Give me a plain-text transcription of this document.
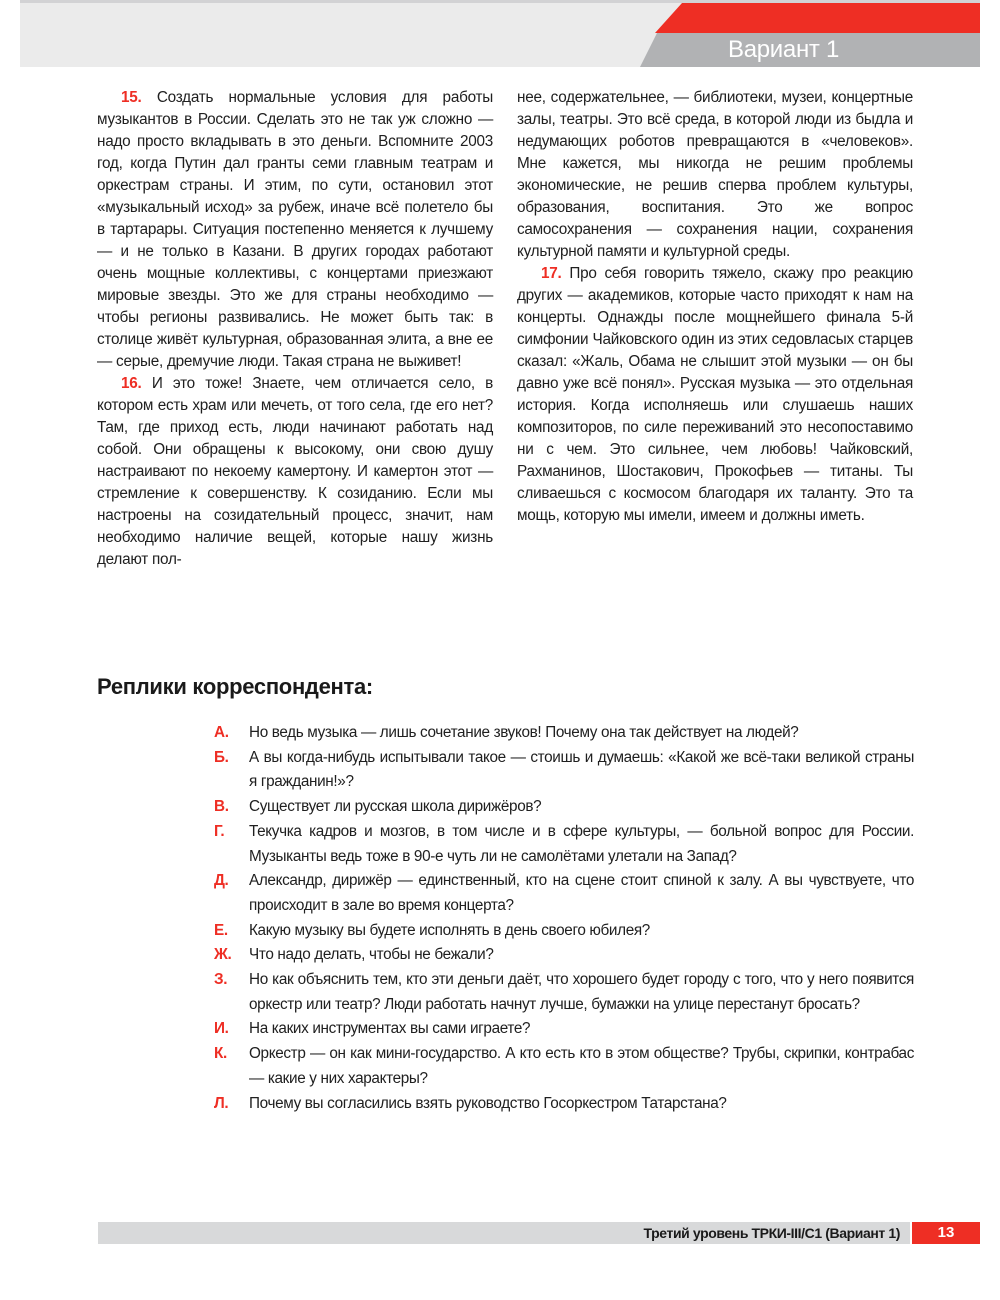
Вариант 1

15. Создать нормальные условия для работы музыкантов в России. Сделать это не так уж сложно — надо просто вкладывать в это деньги. Вспомните 2003 год, когда Путин дал гранты семи главным театрам и оркестрам страны. И этим, по сути, остановил этот «музыкальный исход» за рубеж, иначе всё полетело бы в тартарары. Ситуация постепенно меняется к лучшему — и не только в Казани. В других городах работают очень мощные коллективы, с концертами приезжают мировые звезды. Это же для страны необходимо — чтобы регионы развивались. Не может быть так: в столице живёт культурная, образованная элита, а вне ее — серые, дремучие люди. Такая страна не выживет!

16. И это тоже! Знаете, чем отличается село, в котором есть храм или мечеть, от того села, где его нет? Там, где приход есть, люди начинают работать над собой. Они обращены к высокому, они свою душу настраивают по некоему камертону. И камертон этот — стремление к совершенству. К созиданию. Если мы настроены на созидательный процесс, значит, нам необходимо наличие вещей, которые нашу жизнь делают пол-

нее, содержательнее, — библиотеки, музеи, концертные залы, театры. Это всё среда, в которой люди из быдла и недумающих роботов превращаются в «человеков». Мне кажется, мы никогда не решим проблемы экономические, не решив сперва проблем культуры, образования, воспитания. Это же вопрос самосохранения — сохранения нации, сохранения культурной памяти и культурной среды.

17. Про себя говорить тяжело, скажу про реакцию других — академиков, которые часто приходят к нам на концерты. Однажды после мощнейшего финала 5-й симфонии Чайковского один из этих седовласых старцев сказал: «Жаль, Обама не слышит этой музыки — он бы давно уже всё понял». Русская музыка — это отдельная история. Когда исполняешь или слушаешь наших композиторов, по силе переживаний это несопоставимо ни с чем. Это сильнее, чем любовь! Чайковский, Рахманинов, Шостакович, Прокофьев — титаны. Ты сливаешься с космосом благодаря их таланту. Это та мощь, которую мы имели, имеем и должны иметь.

Реплики корреспондента:
А.	Но ведь музыка — лишь сочетание звуков! Почему она так действует на людей?
Б.	А вы когда-нибудь испытывали такое — стоишь и думаешь: «Какой же всё-таки великой страны я гражданин!»?
В.	Существует ли русская школа дирижёров?
Г.	Текучка кадров и мозгов, в том числе и в сфере культуры, — больной вопрос для России. Музыканты ведь тоже в 90-е чуть ли не самолётами улетали на Запад?
Д.	Александр, дирижёр — единственный, кто на сцене стоит спиной к залу. А вы чувствуете, что происходит в зале во время концерта?
Е.	Какую музыку вы будете исполнять в день своего юбилея?
Ж.	Что надо делать, чтобы не бежали?
З.	Но как объяснить тем, кто эти деньги даёт, что хорошего будет городу с того, что у него появится оркестр или театр? Люди работать начнут лучше, бумажки на улице перестанут бросать?
И.	На каких инструментах вы сами играете?
К.	Оркестр — он как мини-государство. А кто есть кто в этом обществе? Трубы, скрипки, контрабас — какие у них характеры?
Л.	Почему вы согласились взять руководство Госоркестром Татарстана?
Третий уровень ТРКИ-III/С1 (Вариант 1)	13
